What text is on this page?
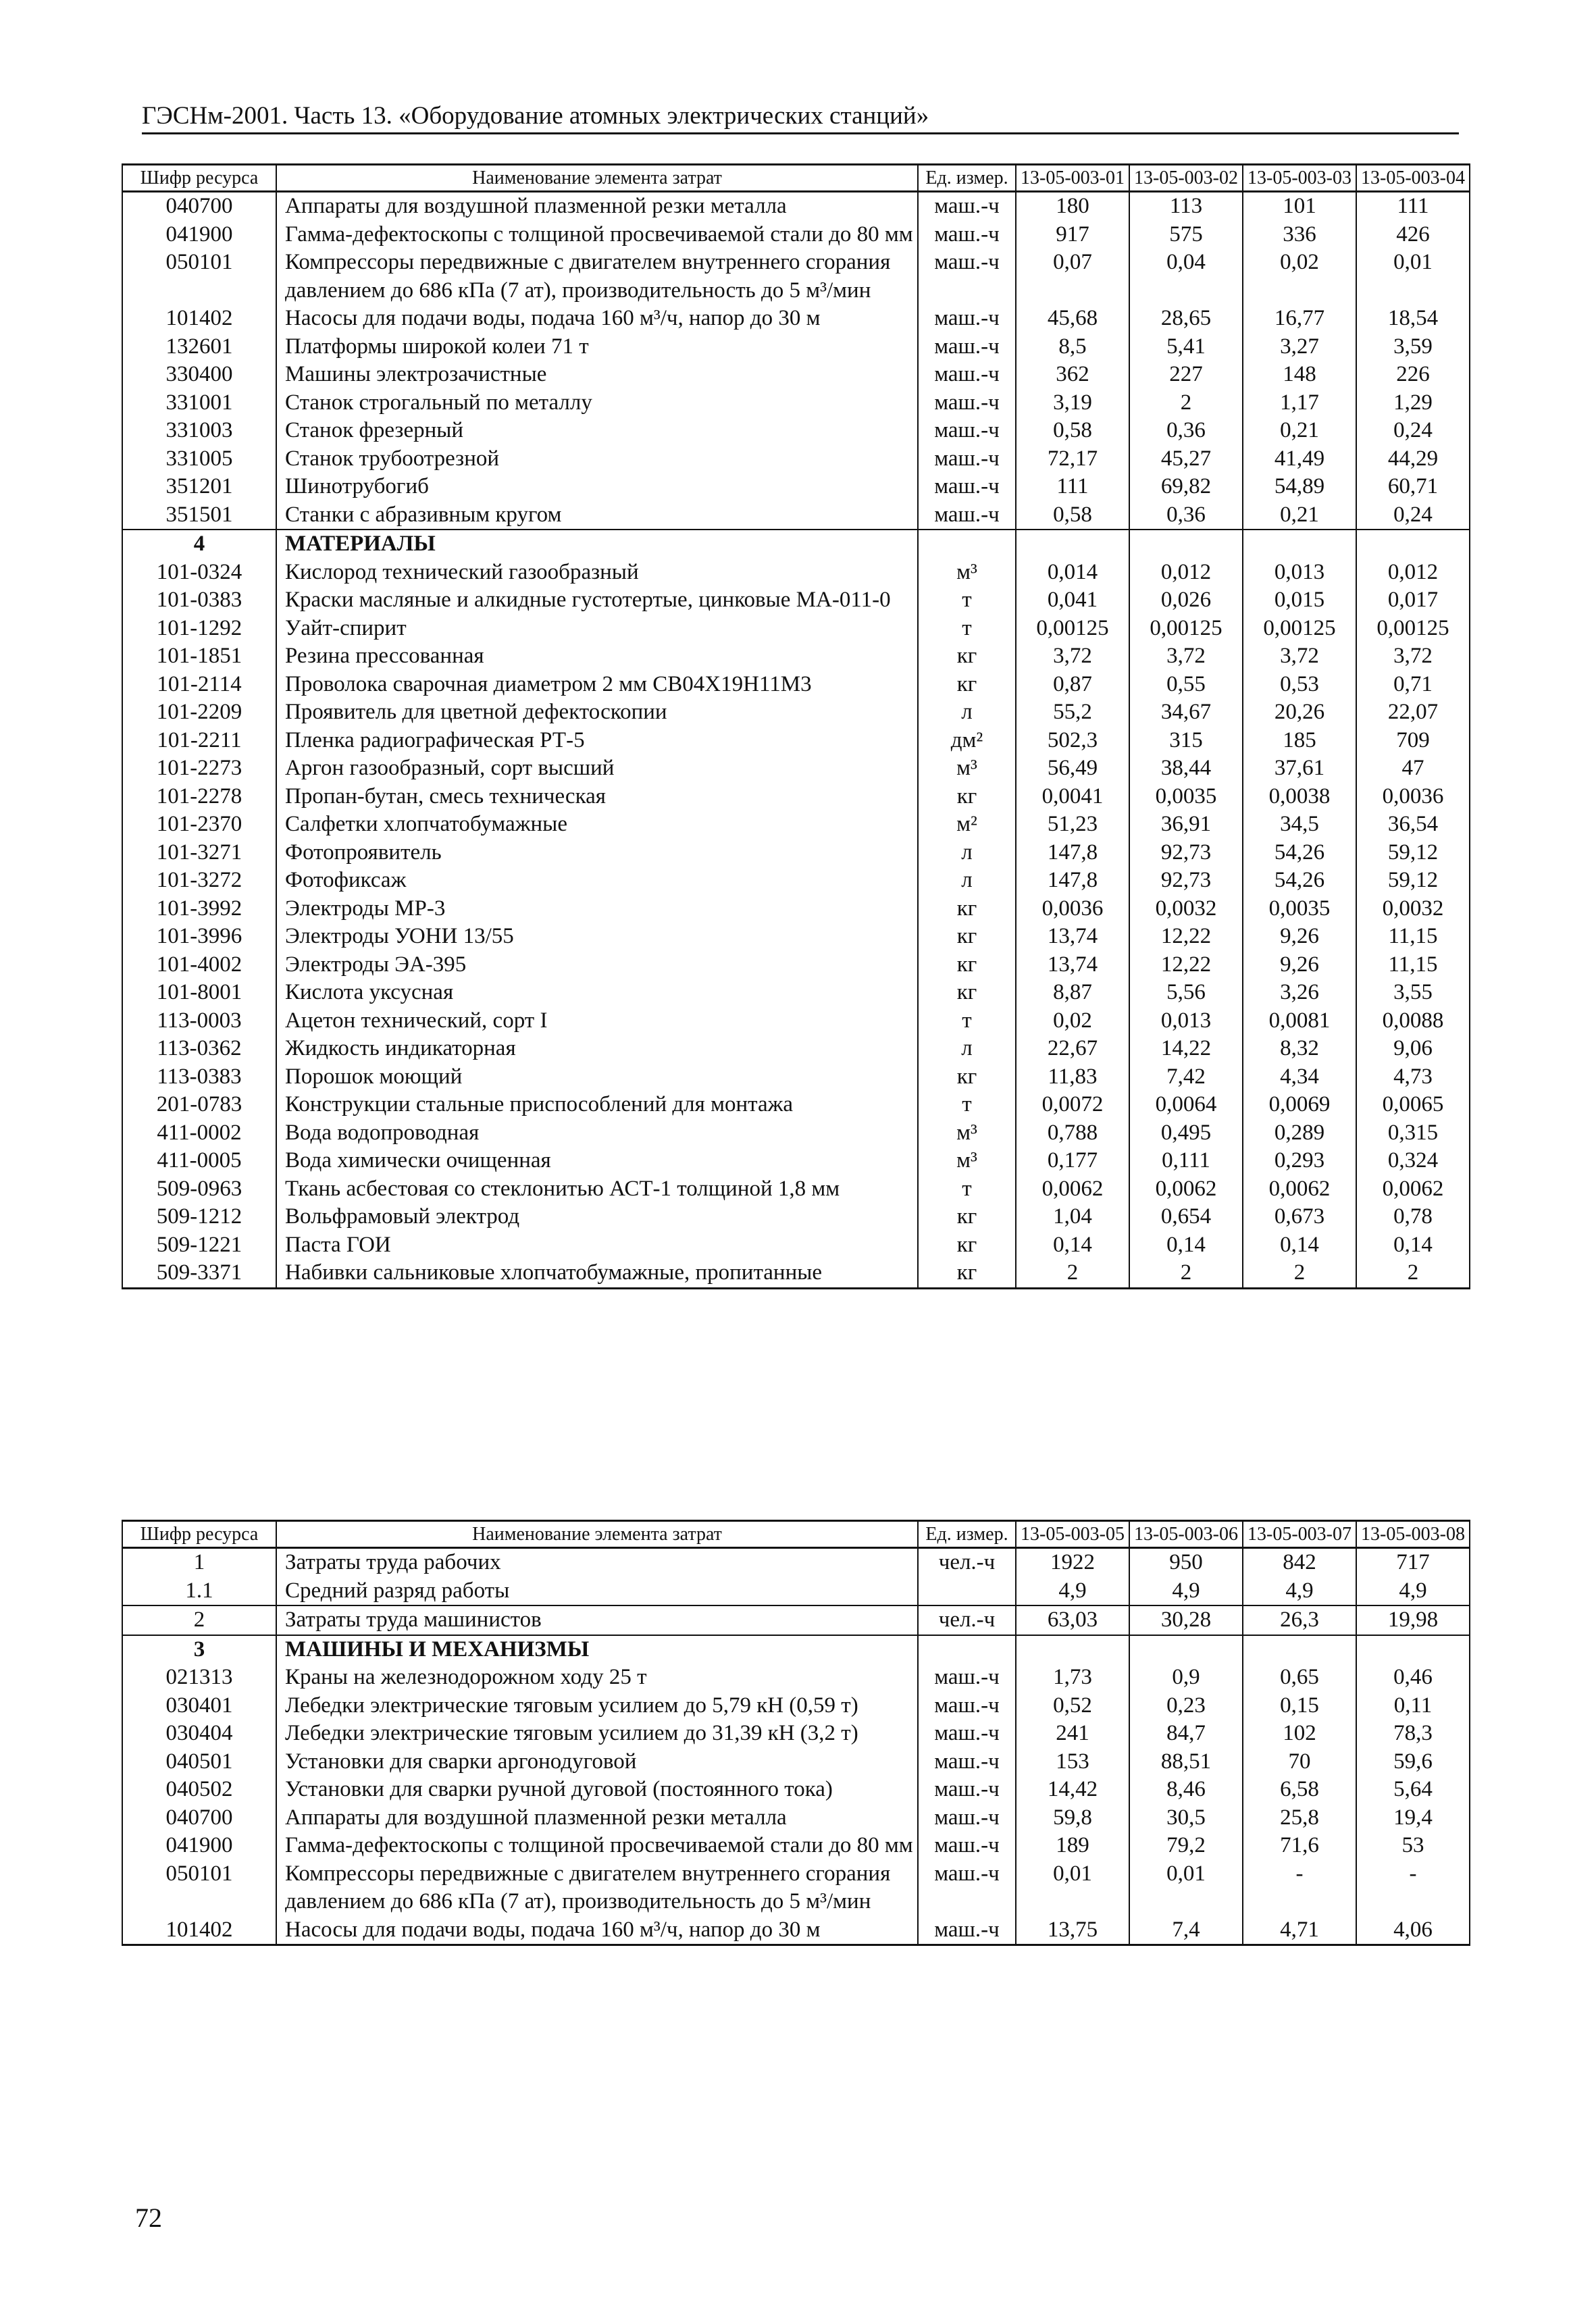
ГЭСНм-2001. Часть 13. «Оборудование атомных электрических станций»
Шифр ресурса	Наименование элемента затрат	Ед. измер.	13-05-003-01	13-05-003-02	13-05-003-03	13-05-003-04
040700	Аппараты для воздушной плазменной резки металла	маш.-ч	180	113	101	111
041900	Гамма-дефектоскопы с толщиной просвечиваемой стали до 80 мм	маш.-ч	917	575	336	426
050101	Компрессоры передвижные с двигателем внутреннего сгорания давлением до 686 кПа (7 ат), производительность до 5 м³/мин	маш.-ч	0,07	0,04	0,02	0,01
101402	Насосы для подачи воды, подача 160 м³/ч, напор до 30 м	маш.-ч	45,68	28,65	16,77	18,54
132601	Платформы широкой колеи 71 т	маш.-ч	8,5	5,41	3,27	3,59
330400	Машины электрозачистные	маш.-ч	362	227	148	226
331001	Станок строгальный по металлу	маш.-ч	3,19	2	1,17	1,29
331003	Станок фрезерный	маш.-ч	0,58	0,36	0,21	0,24
331005	Станок трубоотрезной	маш.-ч	72,17	45,27	41,49	44,29
351201	Шинотрубогиб	маш.-ч	111	69,82	54,89	60,71
351501	Станки с абразивным кругом	маш.-ч	0,58	0,36	0,21	0,24
4	МАТЕРИАЛЫ					
101-0324	Кислород технический газообразный	м³	0,014	0,012	0,013	0,012
101-0383	Краски масляные и алкидные густотертые, цинковые МА-011-0	т	0,041	0,026	0,015	0,017
101-1292	Уайт-спирит	т	0,00125	0,00125	0,00125	0,00125
101-1851	Резина прессованная	кг	3,72	3,72	3,72	3,72
101-2114	Проволока сварочная диаметром 2 мм СВ04Х19Н11М3	кг	0,87	0,55	0,53	0,71
101-2209	Проявитель для цветной дефектоскопии	л	55,2	34,67	20,26	22,07
101-2211	Пленка радиографическая РТ-5	дм²	502,3	315	185	709
101-2273	Аргон газообразный, сорт высший	м³	56,49	38,44	37,61	47
101-2278	Пропан-бутан, смесь техническая	кг	0,0041	0,0035	0,0038	0,0036
101-2370	Салфетки хлопчатобумажные	м²	51,23	36,91	34,5	36,54
101-3271	Фотопроявитель	л	147,8	92,73	54,26	59,12
101-3272	Фотофиксаж	л	147,8	92,73	54,26	59,12
101-3992	Электроды МР-3	кг	0,0036	0,0032	0,0035	0,0032
101-3996	Электроды УОНИ 13/55	кг	13,74	12,22	9,26	11,15
101-4002	Электроды ЭА-395	кг	13,74	12,22	9,26	11,15
101-8001	Кислота уксусная	кг	8,87	5,56	3,26	3,55
113-0003	Ацетон технический, сорт I	т	0,02	0,013	0,0081	0,0088
113-0362	Жидкость индикаторная	л	22,67	14,22	8,32	9,06
113-0383	Порошок моющий	кг	11,83	7,42	4,34	4,73
201-0783	Конструкции стальные приспособлений для монтажа	т	0,0072	0,0064	0,0069	0,0065
411-0002	Вода водопроводная	м³	0,788	0,495	0,289	0,315
411-0005	Вода химически очищенная	м³	0,177	0,111	0,293	0,324
509-0963	Ткань асбестовая со стеклонитью АСТ-1 толщиной 1,8 мм	т	0,0062	0,0062	0,0062	0,0062
509-1212	Вольфрамовый электрод	кг	1,04	0,654	0,673	0,78
509-1221	Паста ГОИ	кг	0,14	0,14	0,14	0,14
509-3371	Набивки сальниковые хлопчатобумажные, пропитанные	кг	2	2	2	2
Шифр ресурса	Наименование элемента затрат	Ед. измер.	13-05-003-05	13-05-003-06	13-05-003-07	13-05-003-08
1	Затраты труда рабочих	чел.-ч	1922	950	842	717
1.1	Средний разряд работы		4,9	4,9	4,9	4,9
2	Затраты труда машинистов	чел.-ч	63,03	30,28	26,3	19,98
3	МАШИНЫ И МЕХАНИЗМЫ					
021313	Краны на железнодорожном ходу 25 т	маш.-ч	1,73	0,9	0,65	0,46
030401	Лебедки электрические тяговым усилием до 5,79 кН (0,59 т)	маш.-ч	0,52	0,23	0,15	0,11
030404	Лебедки электрические тяговым усилием до 31,39 кН (3,2 т)	маш.-ч	241	84,7	102	78,3
040501	Установки для сварки аргонодуговой	маш.-ч	153	88,51	70	59,6
040502	Установки для сварки ручной дуговой (постоянного тока)	маш.-ч	14,42	8,46	6,58	5,64
040700	Аппараты для воздушной плазменной резки металла	маш.-ч	59,8	30,5	25,8	19,4
041900	Гамма-дефектоскопы с толщиной просвечиваемой стали до 80 мм	маш.-ч	189	79,2	71,6	53
050101	Компрессоры передвижные с двигателем внутреннего сгорания давлением до 686 кПа (7 ат), производительность до 5 м³/мин	маш.-ч	0,01	0,01	-	-
101402	Насосы для подачи воды, подача 160 м³/ч, напор до 30 м	маш.-ч	13,75	7,4	4,71	4,06
72
